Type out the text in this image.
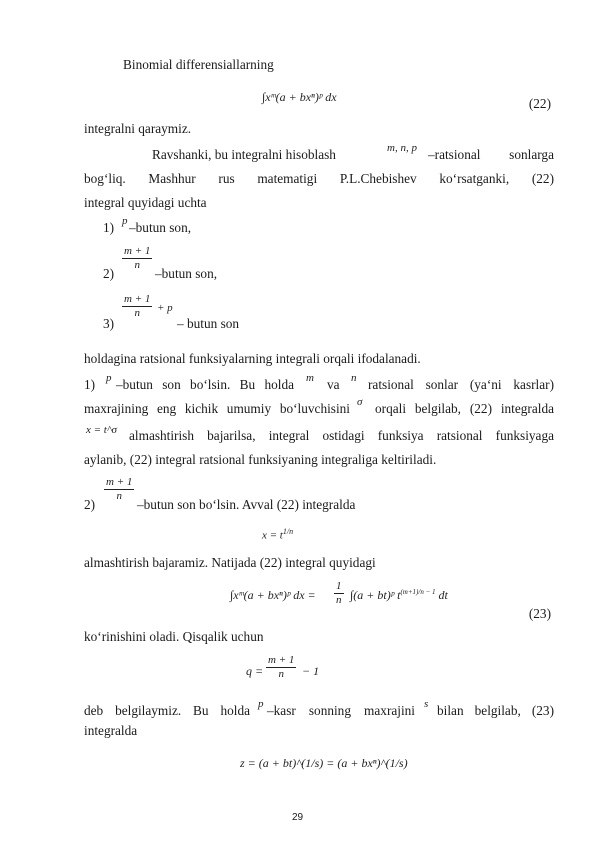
Binomial differensiallarning
∫xᵐ(a + bxⁿ)ᵖ dx	(22)
integralni qaraymiz.
Ravshanki, bu integralni hisoblash	m, n, p –ratsional sonlarga
bog‘liq. Mashhur rus matematigi P.L.Chebishev ko‘rsatganki, (22)
integral quyidagi uchta
1) p –butun son,
2)
$\frac{m + 1}{n}$
–butun son,
3)
$\frac{m + 1}{n} + p$
– butun son
holdagina ratsional funksiyalarning integrali orqali ifodalanadi.
1) p –butun son bo‘lsin. Bu holda m va n ratsional sonlar (ya‘ni kasrlar)
maxrajining eng kichik umumiy bo‘luvchisini σ orqali belgilab, (22) integralda
x = t^σ almashtirish bajarilsa, integral ostidagi funksiya ratsional funksiyaga
aylanib, (22) integral ratsional funksiyaning integraliga keltiriladi.
2)
$\frac{m + 1}{n}$
–butun son bo‘lsin. Avval (22) integralda
$x = t^{1/n}$
almashtirish bajaramiz. Natijada (22) integral quyidagi
∫xᵐ(a + bxⁿ)ᵖ dx = $\frac{1}{n} \int(a$ + bt)ᵖ $t^{(m+1)/n - 1}$ dt
(23)
ko‘rinishini oladi. Qisqalik uchun
$q = \frac{m + 1}{n} - 1$
deb belgilaymiz. Bu holda p –kasr sonning maxrajini s bilan belgilab, (23)
integralda
z = (a + bt)^(1/s) = (a + bxⁿ)^(1/s)
29
